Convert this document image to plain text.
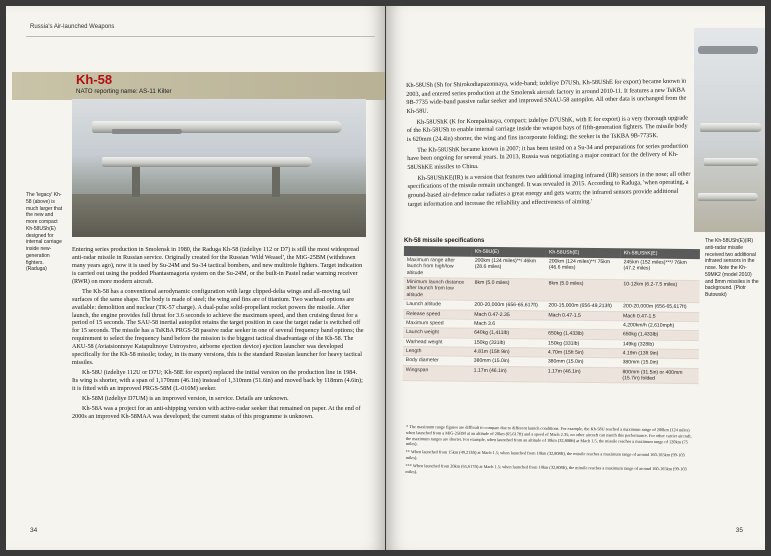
Russia's Air-launched Weapons
Kh-58
NATO reporting name: AS-11 Kilter
The 'legacy' Kh-58 (above) is much larger that the new and more compact Kh-58USh(E) designed for internal carriage inside new-generation fighters. (Raduga)

Entering series production in Smolensk in 1980, the Raduga Kh-58 (izdeliye 112 or D7) is still the most widespread anti-radar missile in Russian service. Originally created for the Russian 'Wild Weasel', the MiG-25BM (withdrawn many years ago), now it is used by Su-24M and Su-34 tactical bombers, and new multirole fighters. Target indication is carried out using the podded Phantasmagoria system on the Su-24M, or the built-in Pastel radar warning receiver (RWR) on more modern aircraft.

The Kh-58 has a conventional aerodynamic configuration with large clipped-delta wings and all-moving tail surfaces of the same shape. The body is made of steel; the wing and fins are of titanium. Two warhead options are available: demolition and nuclear (TK-57 charge). A dual-pulse solid-propellant rocket powers the missile. After launch, the engine provides full thrust for 3.6 seconds to achieve the maximum speed, and then cruising thrust for a period of 15 seconds. The SAU-58 inertial autopilot retains the target position in case the target radar is switched off for 15 seconds. The missile has a TsKBA PRGS-58 passive radar seeker in one of several frequency band options; the requirement to select the frequency band before the mission is the biggest tactical disadvantage of the Kh-58. The AKU-58 (Aviatsionnoye Katapultnoye Ustroystvo, airborne ejection device) ejection launcher was developed specifically for the Kh-58 missile; today, in its many versions, this is the standard Russian launcher for heavy tactical missiles.

Kh-58U (izdeliye 112U or D7U; Kh-58E for export) replaced the initial version on the production line in 1984. Its wing is shorter, with a span of 1,170mm (46.1in) instead of 1,310mm (51.6in) and moved back by 118mm (4.6in); it is fitted with an improved PRGS-58M (L-010M) seeker.

Kh-58M (izdeliye D7UM) is an improved version, in service. Details are unknown.

Kh-58A was a project for an anti-shipping version with active-radar seeker that remained on paper. At the end of 2000s an improved Kh-58MAA was developed; the current status of this programme is unknown.

34
The Kh-58USh(E)(IR) anti-radar missile received two additional infrared sensors in the nose. Note the Kh-59MK2 (model 2010) and 8mm missiles in the background. (Piotr Butowski)

Kh-58USh (Sh for Shirokodiapazonnaya, wide-band; izdeliye D7USh, Kh-58UShE for export) became known in 2003, and entered series production at the Smolensk aircraft factory in around 2010-11. It features a new TsKBA 9B-7735 wide-band passive radar seeker and improved SNAU-58 autopilot. All other data is unchanged from the Kh-58U.

Kh-58UShK (K for Kompaktnaya, compact; izdeliye D7UShK, with E for export) is a very thorough upgrade of the Kh-58USh to enable internal carriage inside the weapon bays of fifth-generation fighters. The missile body is 620mm (24.4in) shorter, the wing and fins incorporate folding; the seeker is the TsKBA 9B-7735K.

The Kh-58UShK became known in 2007; it has been tested on a Su-34 and preparations for series production have been ongoing for several years. In 2013, Russia was negotiating a major contract for the delivery of Kh-58UShKE missiles to China.

Kh-58UShKE(IR) is a version that features two additional imaging infrared (IIR) sensors in the nose; all other specifications of the missile remain unchanged. It was revealed in 2015. According to Raduga, 'when operating, a ground-based air-defence radar radiates a great energy and gets warm; the infrared sensors provide additional target information and increase the reliability and effectiveness of aiming.'

Kh-58 missile specifications
	Kh-58U(E)	Kh-58USh(E)	Kh-58UShK(E)
Maximum range after launch from high/low altitude	200km (124 miles)**/ 46km (28.6 miles)	200km (124 miles)**/ 75km (46.6 miles)	245km (152 miles)***/ 76km (47.2 miles)
Minimum launch distance after launch from low altitude	8km (5.0 miles)	8km (5.0 miles)	10-12km (6.2-7.5 miles)
Launch altitude	200-20,000m (656-65,617ft)	200-15,000m (656-49,213ft)	200-20,000m (656-65,617ft)
Release speed	Mach 0.47-2.35	Mach 0.47-1.5	Mach 0.47-1.5
Maximum speed	Mach 3.6		4,200km/h (2,610mph)
Launch weight	640kg (1,411lb)	650kg (1,433lb)	650kg (1,433lb)
Warhead weight	150kg (331lb)	150kg (331lb)	149kg (328lb)
Length	4.81m (15ft 9in)	4.70m (15ft 5in)	4.19m (13ft 9in)
Body diameter	380mm (15.0in)	380mm (15.0in)	380mm (15.0in)
Wingspan	1.17m (46.1in)	1.17m (46.1in)	800mm (31.5in) or 400mm (15.7in) folded

* The maximum range figures are difficult to compare due to different launch conditions. For example, the Kh-58U reached a maximum range of 200km (124 miles) when launched from a MiG-25BM at an altitude of 20km (65,617ft) and a speed of Mach 2.35; no other aircraft can match this performance. For other carrier aircraft, the maximum ranges are shorter. For example, when launched from an altitude of 10km (32,808ft) at Mach 1.5, the missile reaches a maximum range of 120km (75 miles).

** When launched from 15km (49,213ft) at Mach 1.5; when launched from 10km (32,808ft), the missile reaches a maximum range of around 160-165km (99-103 miles).

*** When launched from 20km (65,617ft) at Mach 1.5; when launched from 10km (32,808ft), the missile reaches a maximum range of around 160-165km (99-103 miles).

35
